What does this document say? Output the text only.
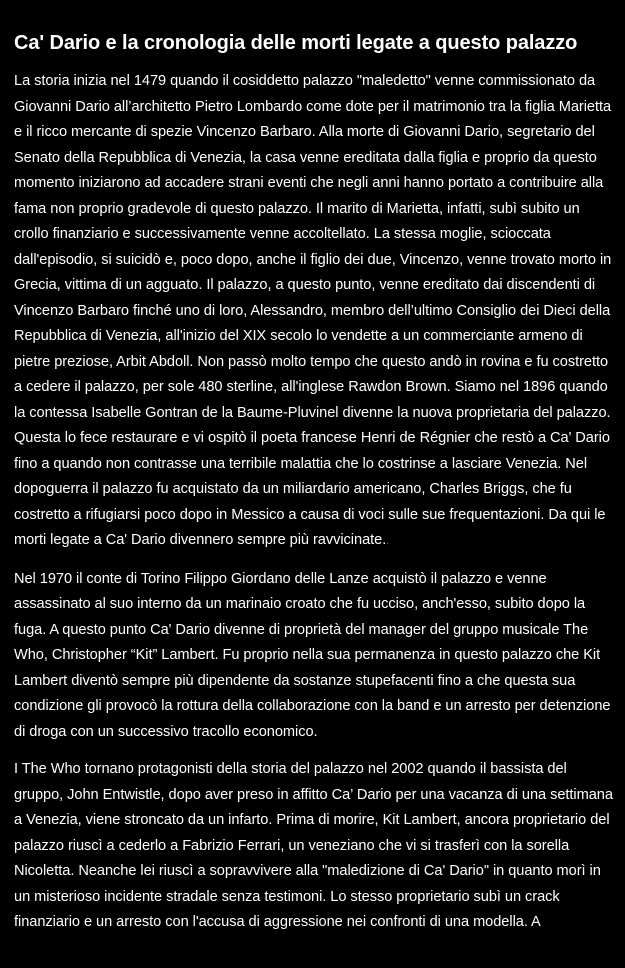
Ca' Dario e la cronologia delle morti legate a questo palazzo

La storia inizia nel 1479 quando il cosiddetto palazzo "maledetto" venne commissionato da Giovanni Dario all’architetto Pietro Lombardo come dote per il matrimonio tra la figlia Marietta e il ricco mercante di spezie Vincenzo Barbaro. Alla morte di Giovanni Dario, segretario del Senato della Repubblica di Venezia, la casa venne ereditata dalla figlia e proprio da questo momento iniziarono ad accadere strani eventi che negli anni hanno portato a contribuire alla fama non proprio gradevole di questo palazzo. Il marito di Marietta, infatti, subì subito un crollo finanziario e successivamente venne accoltellato. La stessa moglie, scioccata dall'episodio, si suicidò e, poco dopo, anche il figlio dei due, Vincenzo, venne trovato morto in Grecia, vittima di un agguato. Il palazzo, a questo punto, venne ereditato dai discendenti di Vincenzo Barbaro finché uno di loro, Alessandro, membro dell’ultimo Consiglio dei Dieci della Repubblica di Venezia, all'inizio del XIX secolo lo vendette a un commerciante armeno di pietre preziose, Arbit Abdoll. Non passò molto tempo che questo andò in rovina e fu costretto a cedere il palazzo, per sole 480 sterline, all'inglese Rawdon Brown. Siamo nel 1896 quando la contessa Isabelle Gontran de la Baume-Pluvinel divenne la nuova proprietaria del palazzo. Questa lo fece restaurare e vi ospitò il poeta francese Henri de Régnier che restò a Ca' Dario fino a quando non contrasse una terribile malattia che lo costrinse a lasciare Venezia. Nel dopoguerra il palazzo fu acquistato da un miliardario americano, Charles Briggs, che fu costretto a rifugiarsi poco dopo in Messico a causa di voci sulle sue frequentazioni. Da qui le morti legate a Ca' Dario divennero sempre più ravvicinate..

Nel 1970 il conte di Torino Filippo Giordano delle Lanze acquistò il palazzo e venne assassinato al suo interno da un marinaio croato che fu ucciso, anch'esso, subito dopo la fuga. A questo punto Ca' Dario divenne di proprietà del manager del gruppo musicale The Who, Christopher “Kit” Lambert. Fu proprio nella sua permanenza in questo palazzo che Kit Lambert diventò sempre più dipendente da sostanze stupefacenti fino a che questa sua condizione gli provocò la rottura della collaborazione con la band e un arresto per detenzione di droga con un successivo tracollo economico.

I The Who tornano protagonisti della storia del palazzo nel 2002 quando il bassista del gruppo, John Entwistle, dopo aver preso in affitto Ca’ Dario per una vacanza di una settimana a Venezia, viene stroncato da un infarto. Prima di morire, Kit Lambert, ancora proprietario del palazzo riuscì a cederlo a Fabrizio Ferrari, un veneziano che vi si trasferì con la sorella Nicoletta. Neanche lei riuscì a sopravvivere alla "maledizione di Ca' Dario" in quanto morì in un misterioso incidente stradale senza testimoni. Lo stesso proprietario subì un crack finanziario e un arresto con l'accusa di aggressione nei confronti di una modella. A
